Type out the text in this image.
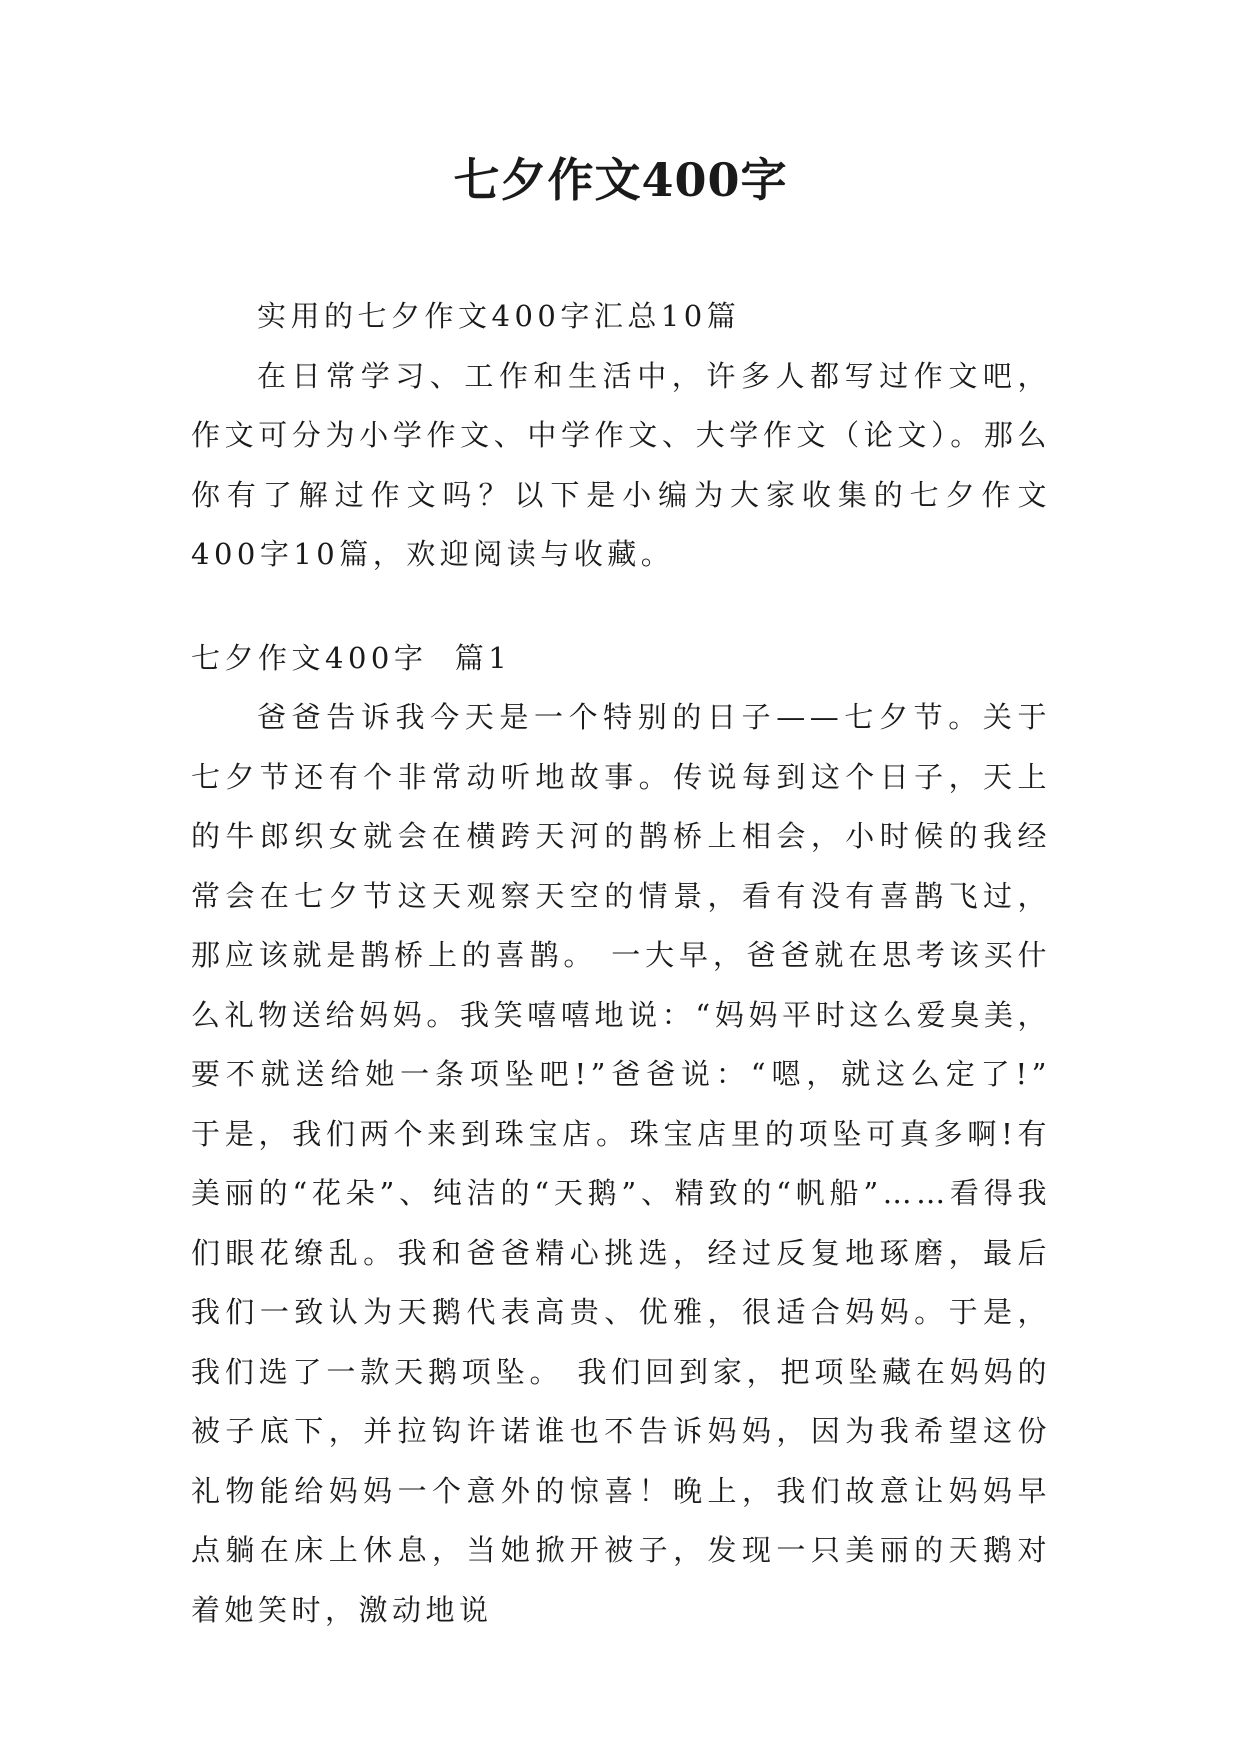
七夕作文400字

实用的七夕作文400字汇总10篇

在日常学习、工作和生活中，许多人都写过作文吧，作文可分为小学作文、中学作文、大学作文（论文）。那么你有了解过作文吗？以下是小编为大家收集的七夕作文400字10篇，欢迎阅读与收藏。

七夕作文400字  篇1

爸爸告诉我今天是一个特别的日子——七夕节。关于七夕节还有个非常动听地故事。传说每到这个日子，天上的牛郎织女就会在横跨天河的鹊桥上相会，小时候的我经常会在七夕节这天观察天空的情景，看有没有喜鹊飞过，那应该就是鹊桥上的喜鹊。 一大早，爸爸就在思考该买什么礼物送给妈妈。我笑嘻嘻地说：“妈妈平时这么爱臭美，要不就送给她一条项坠吧!”爸爸说：“嗯，就这么定了!” 于是，我们两个来到珠宝店。珠宝店里的项坠可真多啊!有美丽的“花朵”、纯洁的“天鹅”、精致的“帆船”……看得我们眼花缭乱。我和爸爸精心挑选，经过反复地琢磨，最后我们一致认为天鹅代表高贵、优雅，很适合妈妈。于是，我们选了一款天鹅项坠。 我们回到家，把项坠藏在妈妈的被子底下，并拉钩许诺谁也不告诉妈妈，因为我希望这份礼物能给妈妈一个意外的惊喜！晚上，我们故意让妈妈早点躺在床上休息，当她掀开被子，发现一只美丽的天鹅对着她笑时，激动地说
